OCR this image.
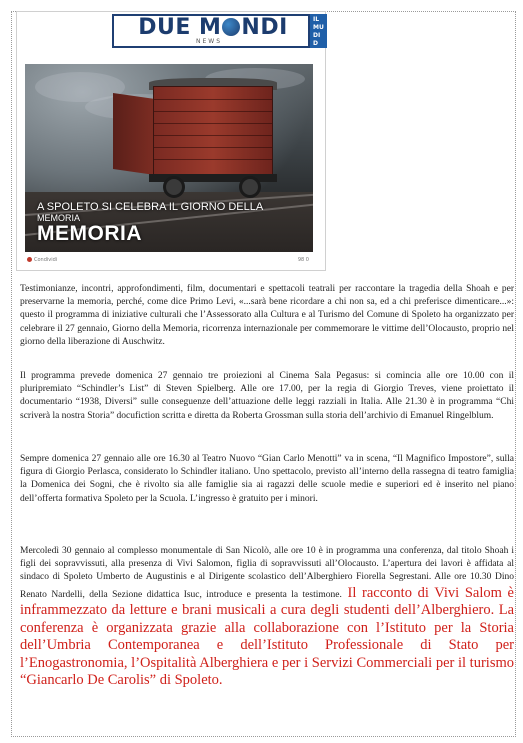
DUE M NDI
NEWS
IL
MU
DI
D
A SPOLETO SI CELEBRA IL GIORNO DELLA
MEMORIA
MEMORIA
Condividi	98 0

Testimonianze, incontri, approfondimenti, film, documentari e spettacoli teatrali per raccontare la tragedia della Shoah e per preservarne la memoria, perché, come dice Primo Levi, «...sarà bene ricordare a chi non sa, ed a chi preferisce dimenticare...»: questo il programma di iniziative culturali che l’Assessorato alla Cultura e al Turismo del Comune di Spoleto ha organizzato per celebrare il 27 gennaio, Giorno della Memoria, ricorrenza internazionale per commemorare le vittime dell’Olocausto, proprio nel giorno della liberazione di Auschwitz.

Il programma prevede domenica 27 gennaio tre proiezioni al Cinema Sala Pegasus: si comincia alle ore 10.00 con il pluripremiato “Schindler’s List” di Steven Spielberg. Alle ore 17.00, per la regia di Giorgio Treves, viene proiettato il documentario “1938, Diversi” sulle conseguenze dell’attuazione delle leggi razziali in Italia. Alle 21.30 è in programma “Chi scriverà la nostra Storia” docufiction scritta e diretta da Roberta Grossman sulla storia dell’archivio di Emanuel Ringelblum.

Sempre domenica 27 gennaio alle ore 16.30 al Teatro Nuovo “Gian Carlo Menotti” va in scena, “Il Magnifico Impostore”, sulla figura di Giorgio Perlasca, considerato lo Schindler italiano. Uno spettacolo, previsto all’interno della rassegna di teatro famiglia la Domenica dei Sogni, che è rivolto sia alle famiglie sia ai ragazzi delle scuole medie e superiori ed è inserito nel piano dell’offerta formativa Spoleto per la Scuola. L’ingresso è gratuito per i minori.

Mercoledì 30 gennaio al complesso monumentale di San Nicolò, alle ore 10 è in programma una conferenza, dal titolo Shoah i figli dei sopravvissuti, alla presenza di Vivi Salomon, figlia di sopravvissuti all’Olocausto. L’apertura dei lavori è affidata al sindaco di Spoleto Umberto de Augustinis e al Dirigente scolastico dell’Alberghiero Fiorella Segrestani. Alle ore 10.30 Dino Renato Nardelli, della Sezione didattica Isuc, introduce e presenta la testimone. Il racconto di Vivi Salom è inframmezzato da letture e brani musicali a cura degli studenti dell’Alberghiero. La conferenza è organizzata grazie alla collaborazione con l’Istituto per la Storia dell’Umbria Contemporanea e dell’Istituto Professionale di Stato per l’Enogastronomia, l’Ospitalità Alberghiera e per i Servizi Commerciali per il turismo “Giancarlo De Carolis” di Spoleto.
